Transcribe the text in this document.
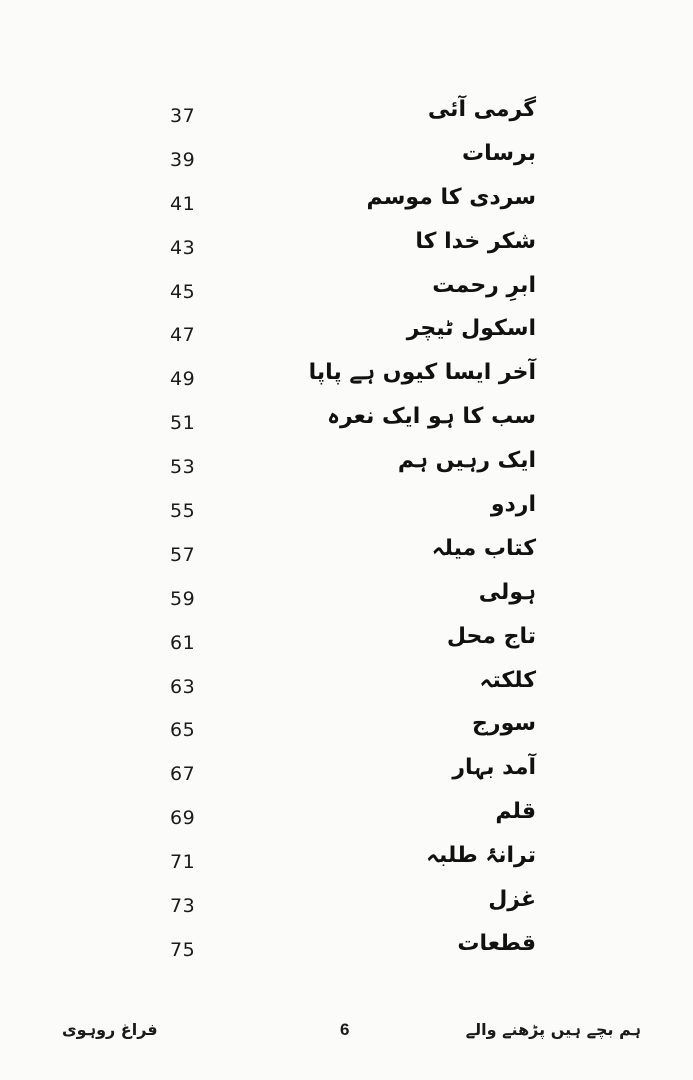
37	گرمی آئی
39	برسات
41	سردی کا موسم
43	شکر خدا کا
45	ابرِ رحمت
47	اسکول ٹیچر
49	آخر ایسا کیوں ہے پاپا
51	سب کا ہو ایک نعرہ
53	ایک رہیں ہم
55	اردو
57	کتاب میلہ
59	ہولی
61	تاج محل
63	کلکتہ
65	سورج
67	آمد بہار
69	قلم
71	ترانۂ طلبہ
73	غزل
75	قطعات
فراغ روہوی	6	ہم بچے ہیں پڑھنے والے
